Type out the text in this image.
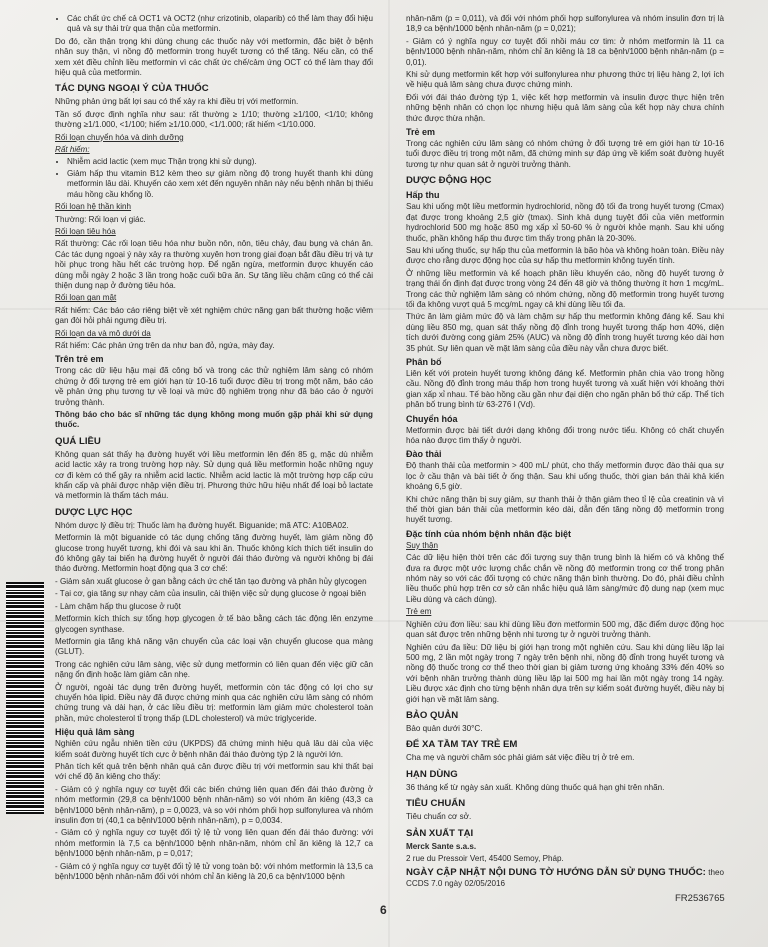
• Các chất ức chế cả OCT1 và OCT2 (như crizotinib, olaparib) có thể làm thay đổi hiệu quả và sự thải trừ qua thận của metformin.

Do đó, cần thận trọng khi dùng chung các thuốc này với metformin, đặc biệt ở bệnh nhân suy thận, vì nồng độ metformin trong huyết tương có thể tăng. Nếu cần, có thể xem xét điều chỉnh liều metformin vì các chất ức chế/cảm ứng OCT có thể làm thay đổi hiệu quả của metformin.

TÁC DỤNG NGOẠI Ý CỦA THUỐC

Những phản ứng bất lợi sau có thể xảy ra khi điều trị với metformin.

Tần số được định nghĩa như sau: rất thường ≥ 1/10; thường ≥1/100, <1/10; không thường ≥1/1.000, <1/100; hiếm ≥1/10.000, <1/1.000; rất hiếm <1/10.000.

Rối loạn chuyển hóa và dinh dưỡng

Rất hiếm:

• Nhiễm acid lactic (xem mục Thận trọng khi sử dụng).
• Giảm hấp thu vitamin B12 kèm theo sự giảm nồng độ trong huyết thanh khi dùng metformin lâu dài. Khuyến cáo xem xét đến nguyên nhân này nếu bệnh nhân bị thiếu máu hồng cầu khổng lồ.

Rối loạn hệ thần kinh

Thường: Rối loạn vị giác.

Rối loạn tiêu hóa

Rất thường: Các rối loạn tiêu hóa như buồn nôn, nôn, tiêu chảy, đau bụng và chán ăn. Các tác dụng ngoại ý này xảy ra thường xuyên hơn trong giai đoạn bắt đầu điều trị và tự hồi phục trong hầu hết các trường hợp. Để ngăn ngừa, metformin được khuyến cáo dùng mỗi ngày 2 hoặc 3 lần trong hoặc cuối bữa ăn. Sự tăng liều chậm cũng có thể cải thiện dung nạp ở đường tiêu hóa.

Rối loạn gan mật

Rất hiếm: Các báo cáo riêng biệt về xét nghiệm chức năng gan bất thường hoặc viêm gan đòi hỏi phải ngưng điều trị.

Rối loạn da và mô dưới da

Rất hiếm: Các phản ứng trên da như ban đỏ, ngứa, mày đay.

Trên trẻ em

Trong các dữ liệu hậu mại đã công bố và trong các thử nghiệm lâm sàng có nhóm chứng ở đối tượng trẻ em giới hạn từ 10-16 tuổi được điều trị trong một năm, báo cáo về phản ứng phụ tương tự về loại và mức độ nghiêm trọng như đã báo cáo ở người trưởng thành.

Thông báo cho bác sĩ những tác dụng không mong muốn gặp phải khi sử dụng thuốc.

QUÁ LIỀU

Không quan sát thấy hạ đường huyết với liều metformin lên đến 85 g, mặc dù nhiễm acid lactic xảy ra trong trường hợp này. Sử dụng quá liều metformin hoặc những nguy cơ đi kèm có thể gây ra nhiễm acid lactic. Nhiễm acid lactic là một trường hợp cấp cứu khẩn cấp và phải được nhập viện điều trị. Phương thức hữu hiệu nhất để loại bỏ lactate và metformin là thẩm tách máu.

DƯỢC LỰC HỌC

Nhóm dược lý điều trị: Thuốc làm hạ đường huyết. Biguanide; mã ATC: A10BA02.

Metformin là một biguanide có tác dụng chống tăng đường huyết, làm giảm nồng độ glucose trong huyết tương, khi đói và sau khi ăn. Thuốc không kích thích tiết insulin do đó không gây tai biến hạ đường huyết ở người đái tháo đường và người không bị đái tháo đường. Metformin hoạt động qua 3 cơ chế:

- Giảm sản xuất glucose ở gan bằng cách ức chế tân tạo đường và phân hủy glycogen

- Tại cơ, gia tăng sự nhạy cảm của insulin, cải thiện việc sử dụng glucose ở ngoại biên

- Làm chậm hấp thu glucose ở ruột

Metformin kích thích sự tổng hợp glycogen ở tế bào bằng cách tác động lên enzyme glycogen synthase.

Metformin gia tăng khả năng vận chuyển của các loại vận chuyển glucose qua màng (GLUT).

Trong các nghiên cứu lâm sàng, việc sử dụng metformin có liên quan đến việc giữ cân nặng ổn định hoặc làm giảm cân nhẹ.

Ở người, ngoài tác dụng trên đường huyết, metformin còn tác động có lợi cho sự chuyển hóa lipid. Điều này đã được chứng minh qua các nghiên cứu lâm sàng có nhóm chứng trung và dài hạn, ở các liều điều trị: metformin làm giảm mức cholesterol toàn phần, mức cholesterol tỉ trọng thấp (LDL cholesterol) và mức triglyceride.

Hiệu quả lâm sàng

Nghiên cứu ngẫu nhiên tiền cứu (UKPDS) đã chứng minh hiệu quả lâu dài của việc kiểm soát đường huyết tích cực ở bệnh nhân đái tháo đường týp 2 là người lớn.

Phân tích kết quả trên bệnh nhân quá cân được điều trị với metformin sau khi thất bại với chế độ ăn kiêng cho thấy:

- Giảm có ý nghĩa nguy cơ tuyệt đối các biến chứng liên quan đến đái tháo đường ở nhóm metformin (29,8 ca bệnh/1000 bệnh nhân-năm) so với nhóm ăn kiêng (43,3 ca bệnh/1000 bệnh nhân-năm), p = 0,0023, và so với nhóm phối hợp sulfonylurea và nhóm insulin đơn trị (40,1 ca bệnh/1000 bệnh nhân-năm), p = 0,0034.

- Giảm có ý nghĩa nguy cơ tuyệt đối tỷ lệ tử vong liên quan đến đái tháo đường: với nhóm metformin là 7,5 ca bệnh/1000 bệnh nhân-năm, nhóm chỉ ăn kiêng là 12,7 ca bệnh/1000 bệnh nhân-năm, p = 0,017;

- Giảm có ý nghĩa nguy cơ tuyệt đối tỷ lệ tử vong toàn bộ: với nhóm metformin là 13,5 ca bệnh/1000 bệnh nhân-năm đối với nhóm chỉ ăn kiêng là 20,6 ca bệnh/1000 bệnh

nhân-năm (p = 0,011), và đối với nhóm phối hợp sulfonylurea và nhóm insulin đơn trị là 18,9 ca bệnh/1000 bệnh nhân-năm (p = 0,021);

- Giảm có ý nghĩa nguy cơ tuyệt đối nhồi máu cơ tim: ở nhóm metformin là 11 ca bệnh/1000 bệnh nhân-năm, nhóm chỉ ăn kiêng là 18 ca bệnh/1000 bệnh nhân-năm (p = 0,01).

Khi sử dụng metformin kết hợp với sulfonylurea như phương thức trị liệu hàng 2, lợi ích về hiệu quả lâm sàng chưa được chứng minh.

Đối với đái tháo đường týp 1, việc kết hợp metformin và insulin được thực hiện trên những bệnh nhân có chọn lọc nhưng hiệu quả lâm sàng của kết hợp này chưa chính thức được thừa nhận.

Trẻ em

Trong các nghiên cứu lâm sàng có nhóm chứng ở đối tượng trẻ em giới hạn từ 10-16 tuổi được điều trị trong một năm, đã chứng minh sự đáp ứng về kiểm soát đường huyết tương tự như quan sát ở người trưởng thành.

DƯỢC ĐỘNG HỌC
Hấp thu

Sau khi uống một liều metformin hydrochlorid, nồng độ tối đa trong huyết tương (Cmax) đạt được trong khoảng 2,5 giờ (tmax). Sinh khả dụng tuyệt đối của viên metformin hydrochlorid 500 mg hoặc 850 mg xấp xỉ 50-60 % ở người khỏe mạnh. Sau khi uống thuốc, phần không hấp thu được tìm thấy trong phân là 20-30%.

Sau khi uống thuốc, sự hấp thu của metformin là bão hòa và không hoàn toàn. Điều này được cho rằng dược động học của sự hấp thu metformin không tuyến tính.

Ở những liều metformin và kế hoạch phân liều khuyến cáo, nồng độ huyết tương ở trạng thái ổn định đạt được trong vòng 24 đến 48 giờ và thông thường ít hơn 1 mcg/mL. Trong các thử nghiệm lâm sàng có nhóm chứng, nồng độ metformin trong huyết tương tối đa không vượt quá 5 mcg/mL ngay cả khi dùng liều tối đa.

Thức ăn làm giảm mức độ và làm chậm sự hấp thu metformin không đáng kể. Sau khi dùng liều 850 mg, quan sát thấy nồng độ đỉnh trong huyết tương thấp hơn 40%, diện tích dưới đường cong giảm 25% (AUC) và nồng độ đỉnh trong huyết tương kéo dài hơn 35 phút. Sự liên quan về mặt lâm sàng của điều này vẫn chưa được biết.

Phân bố

Liên kết với protein huyết tương không đáng kể. Metformin phân chia vào trong hồng cầu. Nồng độ đỉnh trong máu thấp hơn trong huyết tương và xuất hiện với khoảng thời gian xấp xỉ nhau. Tế bào hồng cầu gần như đại diện cho ngăn phân bố thứ cấp. Thể tích phân bố trung bình từ 63-276 l (Vd).

Chuyển hóa

Metformin được bài tiết dưới dạng không đổi trong nước tiểu. Không có chất chuyển hóa nào được tìm thấy ở người.

Đào thải

Độ thanh thải của metformin > 400 mL/ phút, cho thấy metformin được đào thải qua sự lọc ở cầu thận và bài tiết ở ống thận. Sau khi uống thuốc, thời gian bán thải khả kiến khoảng 6,5 giờ.

Khi chức năng thận bị suy giảm, sự thanh thải ở thận giảm theo tỉ lệ của creatinin và vì thế thời gian bán thải của metformin kéo dài, dẫn đến tăng nồng độ metformin trong huyết tương.

Đặc tính của nhóm bệnh nhân đặc biệt

Suy thận

Các dữ liệu hiện thời trên các đối tượng suy thận trung bình là hiếm có và không thể đưa ra được một ước lượng chắc chắn về nồng độ metformin trong cơ thể trong phân nhóm này so với các đối tượng có chức năng thận bình thường. Do đó, phải điều chỉnh liều thuốc phù hợp trên cơ sở cân nhắc hiệu quả lâm sàng/mức độ dung nạp (xem mục Liều dùng và cách dùng).

Trẻ em

Nghiên cứu đơn liều: sau khi dùng liều đơn metformin 500 mg, đặc điểm dược động học quan sát được trên những bệnh nhi tương tự ở người trưởng thành.

Nghiên cứu đa liều: Dữ liệu bị giới hạn trong một nghiên cứu. Sau khi dùng liều lặp lại 500 mg, 2 lần một ngày trong 7 ngày trên bệnh nhi, nồng độ đỉnh trong huyết tương và nồng độ thuốc trong cơ thể theo thời gian bị giảm tương ứng khoảng 33% đến 40% so với bệnh nhân trưởng thành dùng liều lặp lại 500 mg hai lần một ngày trong 14 ngày. Liều được xác định cho từng bệnh nhân dựa trên sự kiểm soát đường huyết, điều này bị giới hạn về mặt lâm sàng.

BẢO QUẢN

Bảo quản dưới 30°C.

ĐỂ XA TẦM TAY TRẺ EM

Cha mẹ và người chăm sóc phải giám sát việc điều trị ở trẻ em.

HẠN DÙNG

36 tháng kể từ ngày sản xuất. Không dùng thuốc quá hạn ghi trên nhãn.

TIÊU CHUẨN

Tiêu chuẩn cơ sở.

SẢN XUẤT TẠI

Merck Sante s.a.s.

2 rue du Pressoir Vert, 45400 Semoy, Pháp.

NGÀY CẬP NHẬT NỘI DUNG TỜ HƯỚNG DẪN SỬ DỤNG THUỐC: theo CCDS 7.0 ngày 02/05/2016

6
FR2536765
